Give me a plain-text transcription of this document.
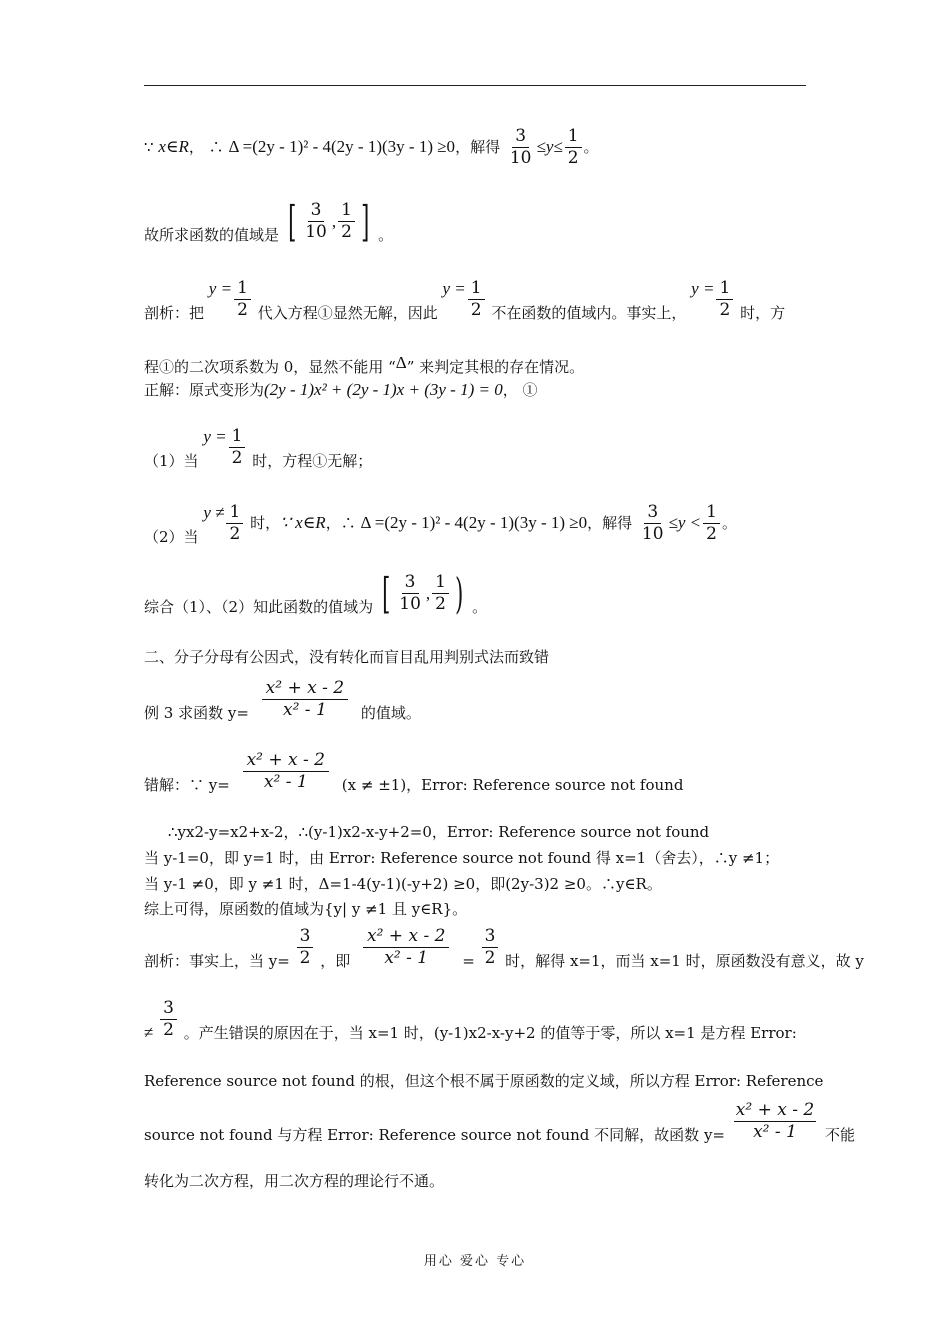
∵ x∈R， ∴ Δ =(2y - 1)² - 4(2y - 1)(3y - 1) ≥0，解得 $\frac{3}{10} \le y\le \frac{1}{2}$ 。
故所求函数的值域是 [ 3
10
,
1
2 ] 。
剖析：把 $y = \frac{1}{2}$ 代入方程①显然无解，因此 $y = \frac{1}{2}$ 不在函数的值域内。事实上， $y = \frac{1}{2}$ 时，方
程①的二次项系数为 0，显然不能用 “Δ” 来判定其根的存在情况。
正解：原式变形为(2y - 1)x² + (2y - 1)x + (3y - 1) = 0， ①
（1）当 $y = \frac{1}{2}$ 时，方程①无解；
（2）当 $y \ne \frac{1}{2}$ 时，∵ x∈R，∴ Δ =(2y - 1)² - 4(2y - 1)(3y - 1) ≥0，解得 $\frac{3}{10} \le y < \frac{1}{2}$ 。
综合（1）、（2）知此函数的值域为 [ 3
10
,
1
2 ) 。
二、分子分母有公因式，没有转化而盲目乱用判别式法而致错
例 3 求函数 $y= \frac{\text{x² + x - 2}}{\text{x² - 1}}$ 的值域。
错解：∵ $y= \frac{\text{x² + x - 2}}{\text{x² - 1}} (x \ne \pm 1)$，Error: Reference source not found
∴yx2-y=x2+x-2，∴(y-1)x2-x-y+2=0，Error: Reference source not found
当 y-1=0，即 y=1 时，由 Error: Reference source not found 得 x=1（舍去），∴y ≠1；
当 y-1 ≠0，即 y ≠1 时，Δ=1-4(y-1)(-y+2) ≥0，即(2y-3)2 ≥0。∴y∈R。
综上可得，原函数的值域为{y| y ≠1 且 y∈R}。
剖析：事实上，当 $y= \frac{3}{2}$ ，即 $\frac{\text{x² + x - 2}}{\text{x² - 1}} = \frac{3}{2}$ 时，解得 x=1，而当 x=1 时，原函数没有意义，故 y
≠ $\frac{3}{2}$ 。产生错误的原因在于，当 x=1 时，(y-1)x2-x-y+2 的值等于零，所以 x=1 是方程 Error:
Reference source not found 的根，但这个根不属于原函数的定义域，所以方程 Error: Reference
source not found 与方程 Error: Reference source not found 不同解，故函数 $y= \frac{\text{x² + x - 2}}{\text{x² - 1}}$ 不能
转化为二次方程，用二次方程的理论行不通。
用心 爱心 专心
